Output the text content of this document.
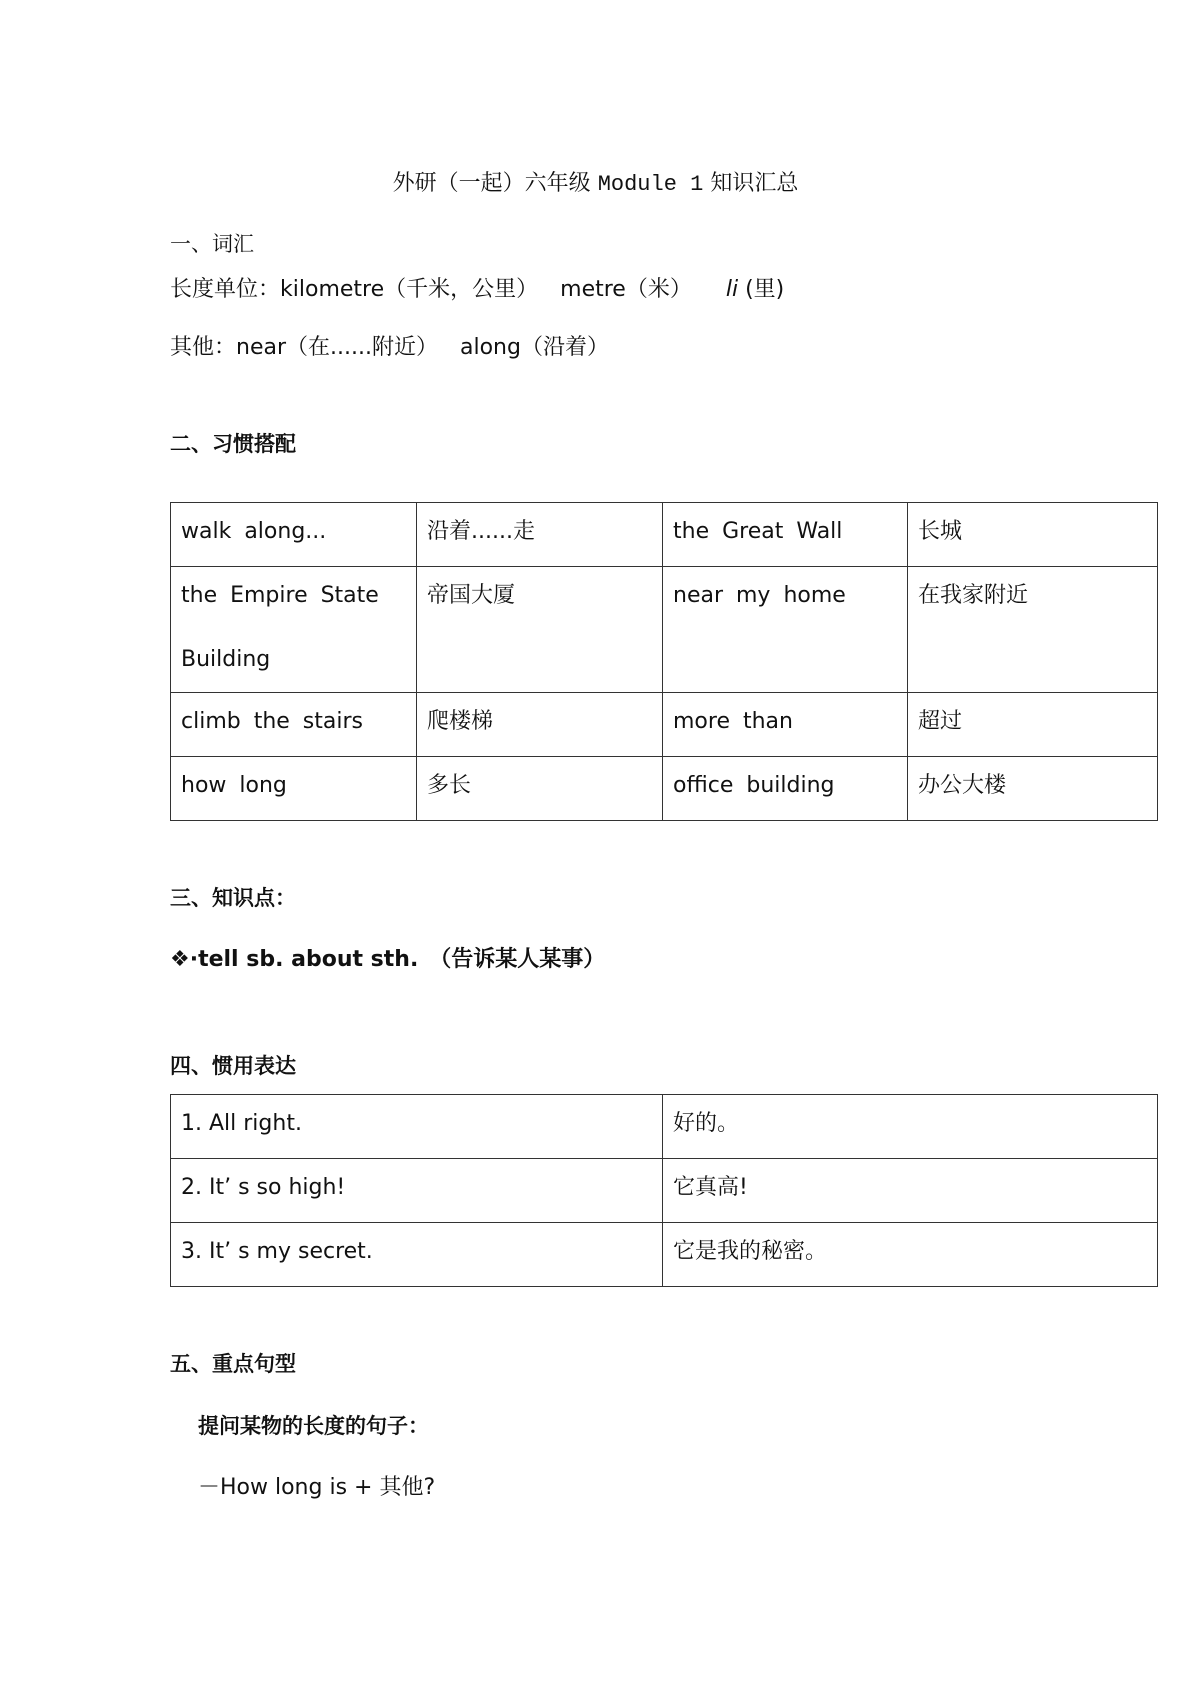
外研（一起）六年级 Module 1 知识汇总
一、词汇
长度单位：kilometre（千米，公里） metre（米） li (里)
其他：near（在......附近） along（沿着）
二、习惯搭配
walk along...	沿着......走	the Great Wall	长城

the Empire State Building	帝国大厦	near my home	在我家附近
climb the stairs	爬楼梯	more than	超过
how long	多长	office building	办公大楼
三、知识点：
❖·tell sb. about sth.　（告诉某人某事）
四、惯用表达
1. All right.	好的。
2. It’ s so high!	它真高!
3. It’ s my secret.	它是我的秘密。
五、重点句型
提问某物的长度的句子：
－How long is + 其他?
